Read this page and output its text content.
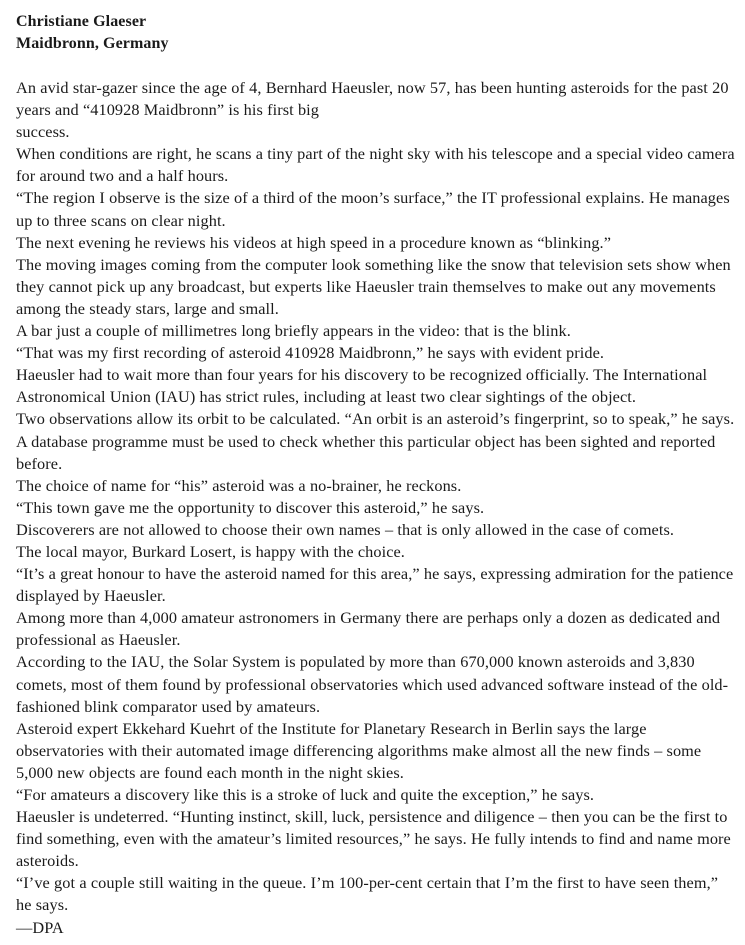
Christiane Glaeser
Maidbronn, Germany

An avid star-gazer since the age of 4, Bernhard Haeusler, now 57, has been hunting asteroids for the past 20 years and “410928 Maidbronn” is his first big

success.

When conditions are right, he scans a tiny part of the night sky with his telescope and a special video camera for around two and a half hours.

“The region I observe is the size of a third of the moon’s surface,” the IT professional explains. He manages up to three scans on clear night.

The next evening he reviews his videos at high speed in a procedure known as “blinking.”

The moving images coming from the computer look something like the snow that television sets show when they cannot pick up any broadcast, but experts like Haeusler train themselves to make out any movements among the steady stars, large and small.

A bar just a couple of millimetres long briefly appears in the video: that is the blink.

“That was my first recording of asteroid 410928 Maidbronn,” he says with evident pride.

Haeusler had to wait more than four years for his discovery to be recognized officially. The International Astronomical Union (IAU) has strict rules, including at least two clear sightings of the object.

Two observations allow its orbit to be calculated. “An orbit is an asteroid’s fingerprint, so to speak,” he says. A database programme must be used to check whether this particular object has been sighted and reported before.

The choice of name for “his” asteroid was a no-brainer, he reckons.

“This town gave me the opportunity to discover this asteroid,” he says.

Discoverers are not allowed to choose their own names – that is only allowed in the case of comets.

The local mayor, Burkard Losert, is happy with the choice.

“It’s a great honour to have the asteroid named for this area,” he says, expressing admiration for the patience displayed by Haeusler.

Among more than 4,000 amateur astronomers in Germany there are perhaps only a dozen as dedicated and professional as Haeusler.

According to the IAU, the Solar System is populated by more than 670,000 known asteroids and 3,830 comets, most of them found by professional observatories which used advanced software instead of the old-fashioned blink comparator used by amateurs.

Asteroid expert Ekkehard Kuehrt of the Institute for Planetary Research in Berlin says the large observatories with their automated image differencing algorithms make almost all the new finds – some 5,000 new objects are found each month in the night skies.

“For amateurs a discovery like this is a stroke of luck and quite the exception,” he says.

Haeusler is undeterred. “Hunting instinct, skill, luck, persistence and diligence – then you can be the first to find something, even with the amateur’s limited resources,” he says. He fully intends to find and name more asteroids.

“I’ve got a couple still waiting in the queue. I’m 100-per-cent certain that I’m the first to have seen them,” he says.

—DPA
